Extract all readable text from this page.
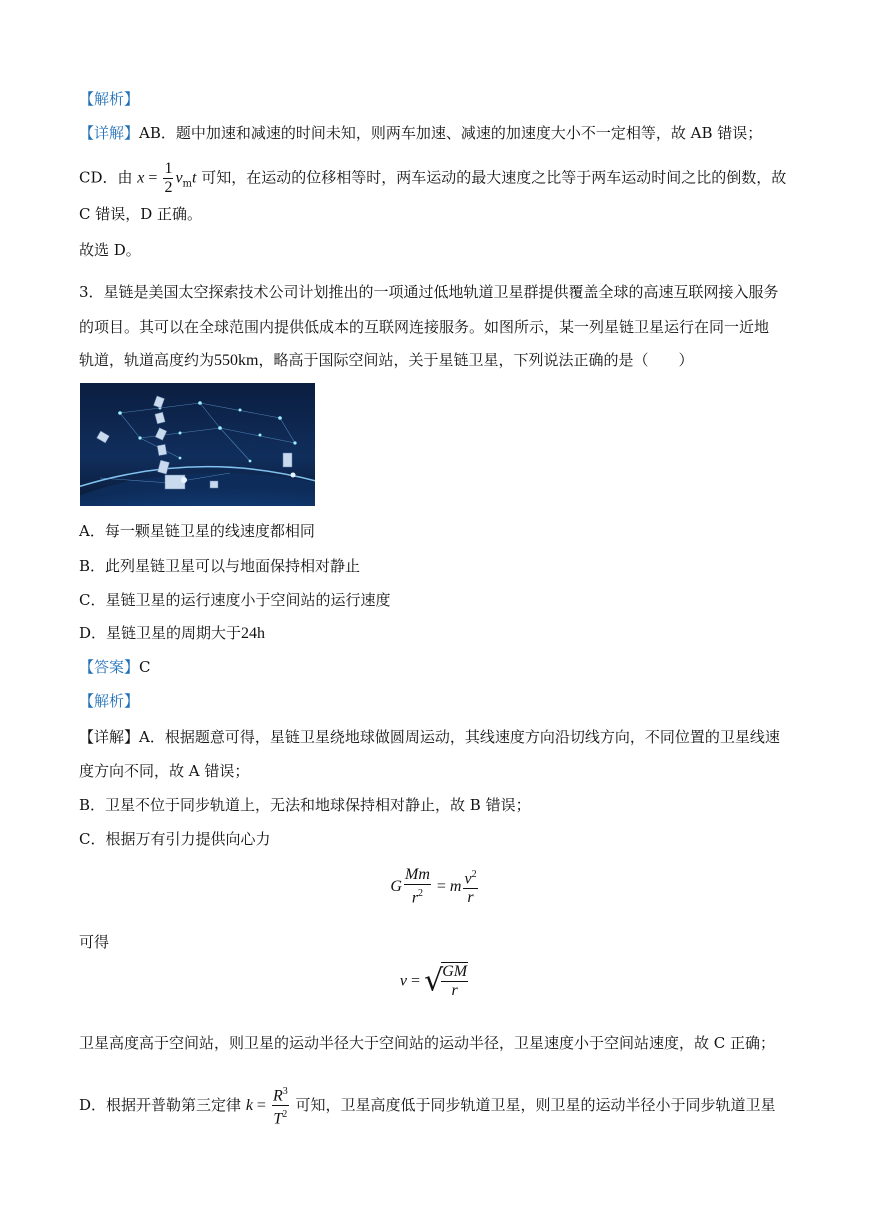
【解析】
【详解】AB．题中加速和减速的时间未知，则两车加速、减速的加速度大小不一定相等，故 AB 错误；
CD．由 $x = \frac{1}{2} v_mt$ 可知，在运动的位移相等时，两车运动的最大速度之比等于两车运动时间之比的倒数，故
C 错误，D 正确。
故选 D。
3．星链是美国太空探索技术公司计划推出的一项通过低地轨道卫星群提供覆盖全球的高速互联网接入服务
的项目。其可以在全球范围内提供低成本的互联网连接服务。如图所示，某一列星链卫星运行在同一近地
轨道，轨道高度约为550km，略高于国际空间站，关于星链卫星，下列说法正确的是（　　）
A．每一颗星链卫星的线速度都相同
B．此列星链卫星可以与地面保持相对静止
C．星链卫星的运行速度小于空间站的运行速度
D．星链卫星的周期大于24h
【答案】C
【解析】
【详解】A．根据题意可得，星链卫星绕地球做圆周运动，其线速度方向沿切线方向，不同位置的卫星线速
度方向不同，故 A 错误；
B．卫星不位于同步轨道上，无法和地球保持相对静止，故 B 错误；
C．根据万有引力提供向心力
G $\frac{Mm}{r^2} = m \frac{v^2}{r}$
可得
v = √
$\frac{GM}{r}$
卫星高度高于空间站，则卫星的运动半径大于空间站的运动半径，卫星速度小于空间站速度，故 C 正确；
D．根据开普勒第三定律 $k = \frac{R^3}{T^2}$ 可知，卫星高度低于同步轨道卫星，则卫星的运动半径小于同步轨道卫星
